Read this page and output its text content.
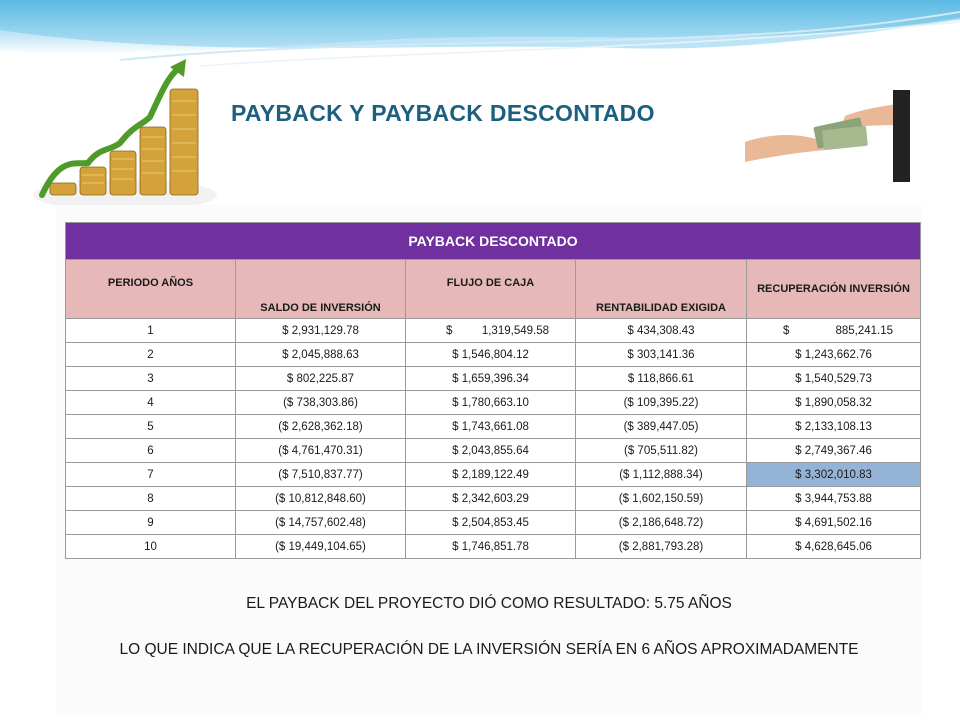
PAYBACK Y PAYBACK DESCONTADO
PAYBACK DESCONTADO				

PERIODO AÑOS	SALDO DE INVERSIÓN	FLUJO DE CAJA	RENTABILIDAD EXIGIDA	RECUPERACIÓN INVERSIÓN

1	$ 2,931,129.78	$ 1,319,549.58	$ 434,308.43	$ 885,241.15

2	$ 2,045,888.63	$ 1,546,804.12	$ 303,141.36	$ 1,243,662.76
3	$ 802,225.87	$ 1,659,396.34	$ 118,866.61	$ 1,540,529.73
4	($ 738,303.86)	$ 1,780,663.10	($ 109,395.22)	$ 1,890,058.32
5	($ 2,628,362.18)	$ 1,743,661.08	($ 389,447.05)	$ 2,133,108.13
6	($ 4,761,470.31)	$ 2,043,855.64	($ 705,511.82)	$ 2,749,367.46
7	($ 7,510,837.77)	$ 2,189,122.49	($ 1,112,888.34)	$ 3,302,010.83
8	($ 10,812,848.60)	$ 2,342,603.29	($ 1,602,150.59)	$ 3,944,753.88
9	($ 14,757,602.48)	$ 2,504,853.45	($ 2,186,648.72)	$ 4,691,502.16
10	($ 19,449,104.65)	$ 1,746,851.78	($ 2,881,793.28)	$ 4,628,645.06

EL PAYBACK DEL PROYECTO DIÓ COMO RESULTADO: 5.75 AÑOS

LO QUE INDICA QUE LA RECUPERACIÓN DE LA INVERSIÓN SERÍA EN 6 AÑOS APROXIMADAMENTE
